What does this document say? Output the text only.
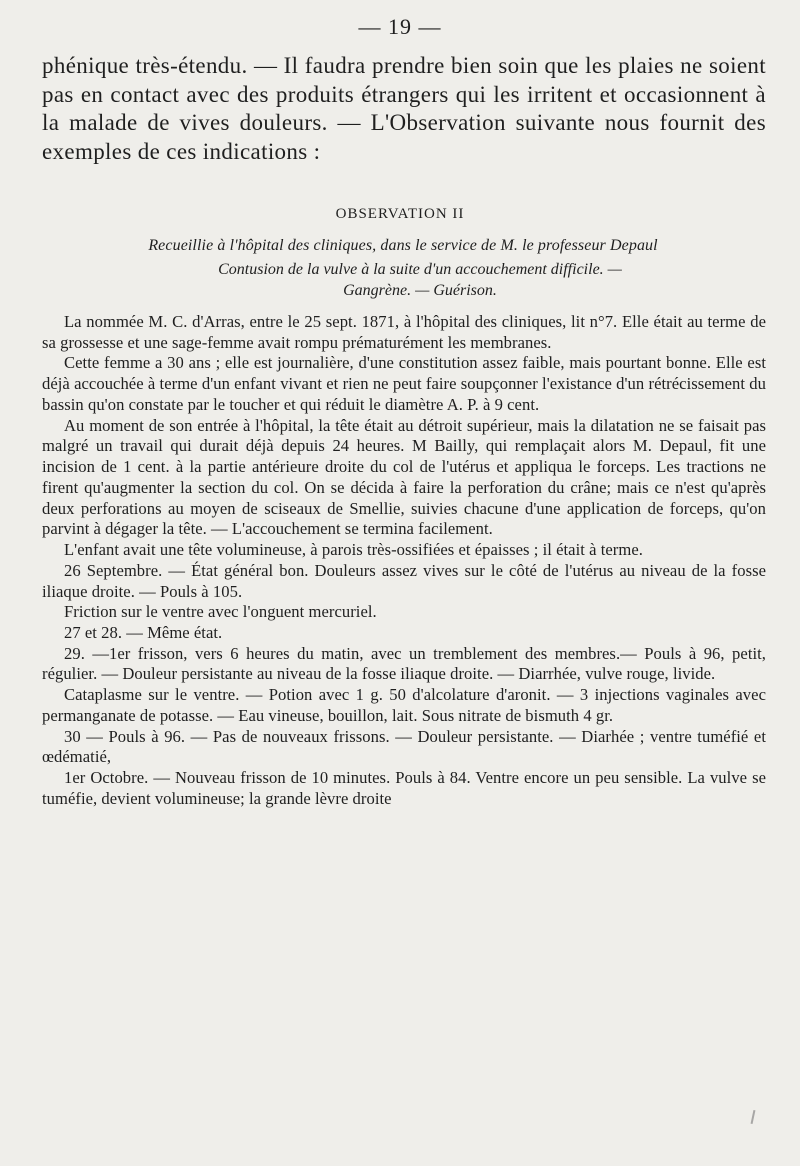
— 19 —

phénique très-étendu. — Il faudra prendre bien soin que les plaies ne soient pas en contact avec des produits étrangers qui les irritent et occasionnent à la malade de vives douleurs. — L'Observation suivante nous fournit des exemples de ces indications :

OBSERVATION II
Recueillie à l'hôpital des cliniques, dans le service de M. le professeur Depaul
Contusion de la vulve à la suite d'un accouchement difficile. —
Gangrène. — Guérison.

La nommée M. C. d'Arras, entre le 25 sept. 1871, à l'hôpital des cliniques, lit n°7. Elle était au terme de sa grossesse et une sage-femme avait rompu prématurément les membranes.

Cette femme a 30 ans ; elle est journalière, d'une constitution assez faible, mais pourtant bonne. Elle est déjà accouchée à terme d'un enfant vivant et rien ne peut faire soupçonner l'existance d'un rétrécissement du bassin qu'on constate par le toucher et qui réduit le diamètre A. P. à 9 cent.

Au moment de son entrée à l'hôpital, la tête était au détroit supérieur, mais la dilatation ne se faisait pas malgré un travail qui durait déjà depuis 24 heures. M Bailly, qui remplaçait alors M. Depaul, fit une incision de 1 cent. à la partie antérieure droite du col de l'utérus et appliqua le forceps. Les tractions ne firent qu'augmenter la section du col. On se décida à faire la perforation du crâne; mais ce n'est qu'après deux perforations au moyen de sciseaux de Smellie, suivies chacune d'une application de forceps, qu'on parvint à dégager la tête. — L'accouchement se termina facilement.

L'enfant avait une tête volumineuse, à parois très-ossifiées et épaisses ; il était à terme.

26 Septembre. — État général bon. Douleurs assez vives sur le côté de l'utérus au niveau de la fosse iliaque droite. — Pouls à 105.

Friction sur le ventre avec l'onguent mercuriel.

27 et 28. — Même état.

29. —1er frisson, vers 6 heures du matin, avec un tremblement des membres.— Pouls à 96, petit, régulier. — Douleur persistante au niveau de la fosse iliaque droite. — Diarrhée, vulve rouge, livide.

Cataplasme sur le ventre. — Potion avec 1 g. 50 d'alcolature d'aronit. — 3 injections vaginales avec permanganate de potasse. — Eau vineuse, bouillon, lait. Sous nitrate de bismuth 4 gr.

30 — Pouls à 96. — Pas de nouveaux frissons. — Douleur persistante. — Diarhée ; ventre tuméfié et œdématié,

1er Octobre. — Nouveau frisson de 10 minutes. Pouls à 84. Ventre encore un peu sensible. La vulve se tuméfie, devient volumineuse; la grande lèvre droite
